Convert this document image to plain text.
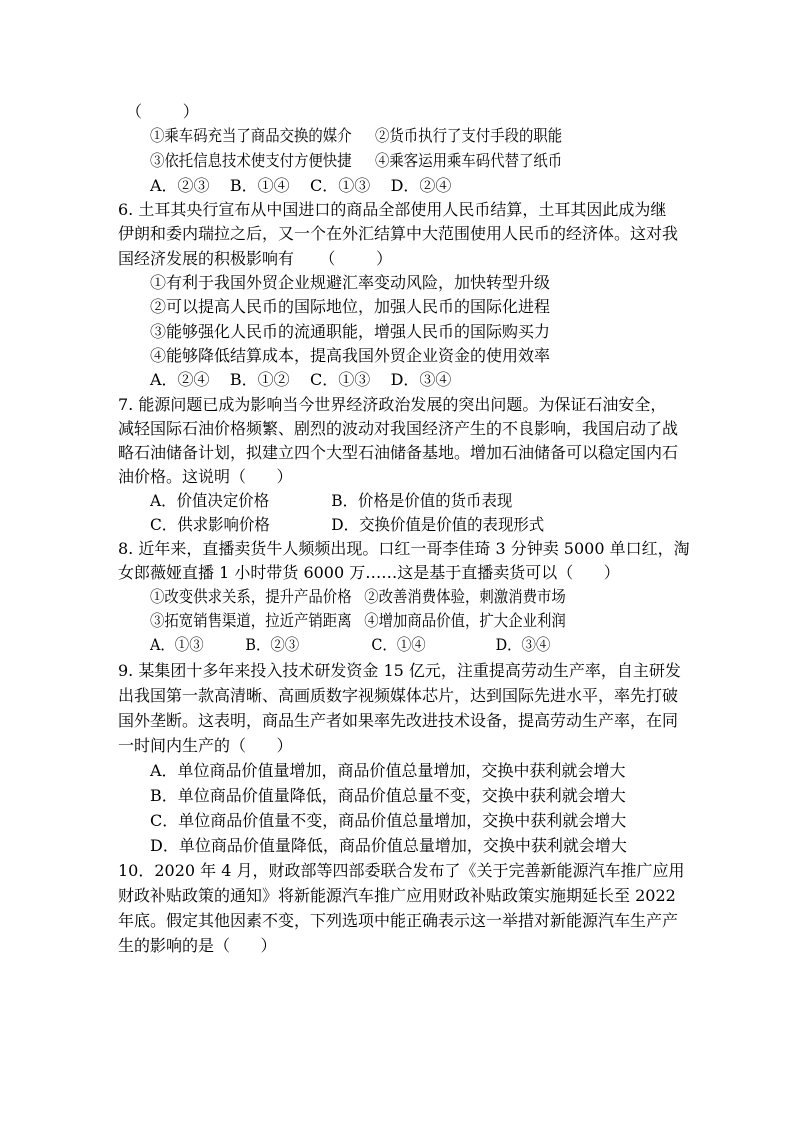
（        ）

①乘车码充当了商品交换的媒介

②货币执行了支付手段的职能

③依托信息技术使支付方便快捷

④乘客运用乘车码代替了纸币

A．②③    B．①④    C．①③    D．②④
6. 土耳其央行宣布从中国进口的商品全部使用人民币结算，土耳其因此成为继
伊朗和委内瑞拉之后，又一个在外汇结算中大范围使用人民币的经济体。这对我
国经济发展的积极影响有     （        ）
①有利于我国外贸企业规避汇率变动风险，加快转型升级
②可以提高人民币的国际地位，加强人民币的国际化进程
③能够强化人民币的流通职能，增强人民币的国际购买力
④能够降低结算成本，提高我国外贸企业资金的使用效率
A．②④    B．①②    C．①③    D．③④
7. 能源问题已成为影响当今世界经济政治发展的突出问题。为保证石油安全，
减轻国际石油价格频繁、剧烈的波动对我国经济产生的不良影响，我国启动了战
略石油储备计划，拟建立四个大型石油储备基地。增加石油储备可以稳定国内石
油价格。这说明（      ）

A．价值决定价格

	B．价格是价值的货币表现

C．供求影响价格

	D．交换价值是价值的表现形式

8. 近年来，直播卖货牛人频频出现。口红一哥李佳琦 3 分钟卖 5000 单口红，淘
女郎薇娅直播 1 小时带货 6000 万……这是基于直播卖货可以（      ）

①改变供求关系，提升产品价格

②改善消费体验，刺激消费市场

③拓宽销售渠道，拉近产销距离

④增加商品价值，扩大企业利润

A．①③

	B．②③

	C．①④

	D．③④

9. 某集团十多年来投入技术研发资金 15 亿元，注重提高劳动生产率，自主研发
出我国第一款高清晰、高画质数字视频媒体芯片，达到国际先进水平，率先打破
国外垄断。这表明，商品生产者如果率先改进技术设备，提高劳动生产率，在同
一时间内生产的（      ）
A．单位商品价值量增加，商品价值总量增加，交换中获利就会增大
B．单位商品价值量降低，商品价值总量不变，交换中获利就会增大
C．单位商品价值量不变，商品价值总量增加，交换中获利就会增大
D．单位商品价值量降低，商品价值总量增加，交换中获利就会增大
10．2020 年 4 月，财政部等四部委联合发布了《关于完善新能源汽车推广应用
财政补贴政策的通知》将新能源汽车推广应用财政补贴政策实施期延长至 2022
年底。假定其他因素不变，下列选项中能正确表示这一举措对新能源汽车生产产
生的影响的是（      ）
